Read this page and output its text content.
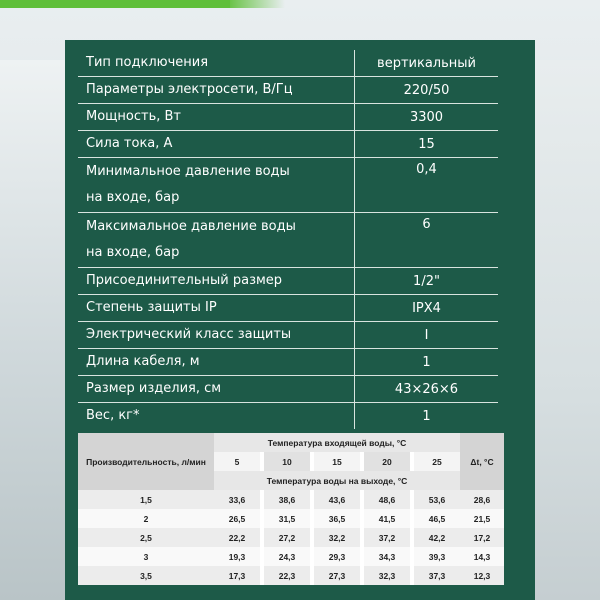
Тип подключения	вертикальный
Параметры электросети, В/Гц	220/50
Мощность, Вт	3300
Сила тока, А	15

Минимальное давление воды
на входе, бар	0,4

Максимальное давление воды
на входе, бар	6
Присоединительный размер	1/2"
Степень защиты IP	IPX4
Электрический класс защиты	I
Длина кабеля, м	1
Размер изделия, см	43×26×6
Вес, кг*	1
Производительность, л/мин	Температура входящей воды, °С									Δt, °С
	5		10		15		20		25	
	Температура воды на выходе, °С									
1,5	33,6		38,6		43,6		48,6		53,6	28,6
2	26,5		31,5		36,5		41,5		46,5	21,5
2,5	22,2		27,2		32,2		37,2		42,2	17,2
3	19,3		24,3		29,3		34,3		39,3	14,3
3,5	17,3		22,3		27,3		32,3		37,3	12,3
